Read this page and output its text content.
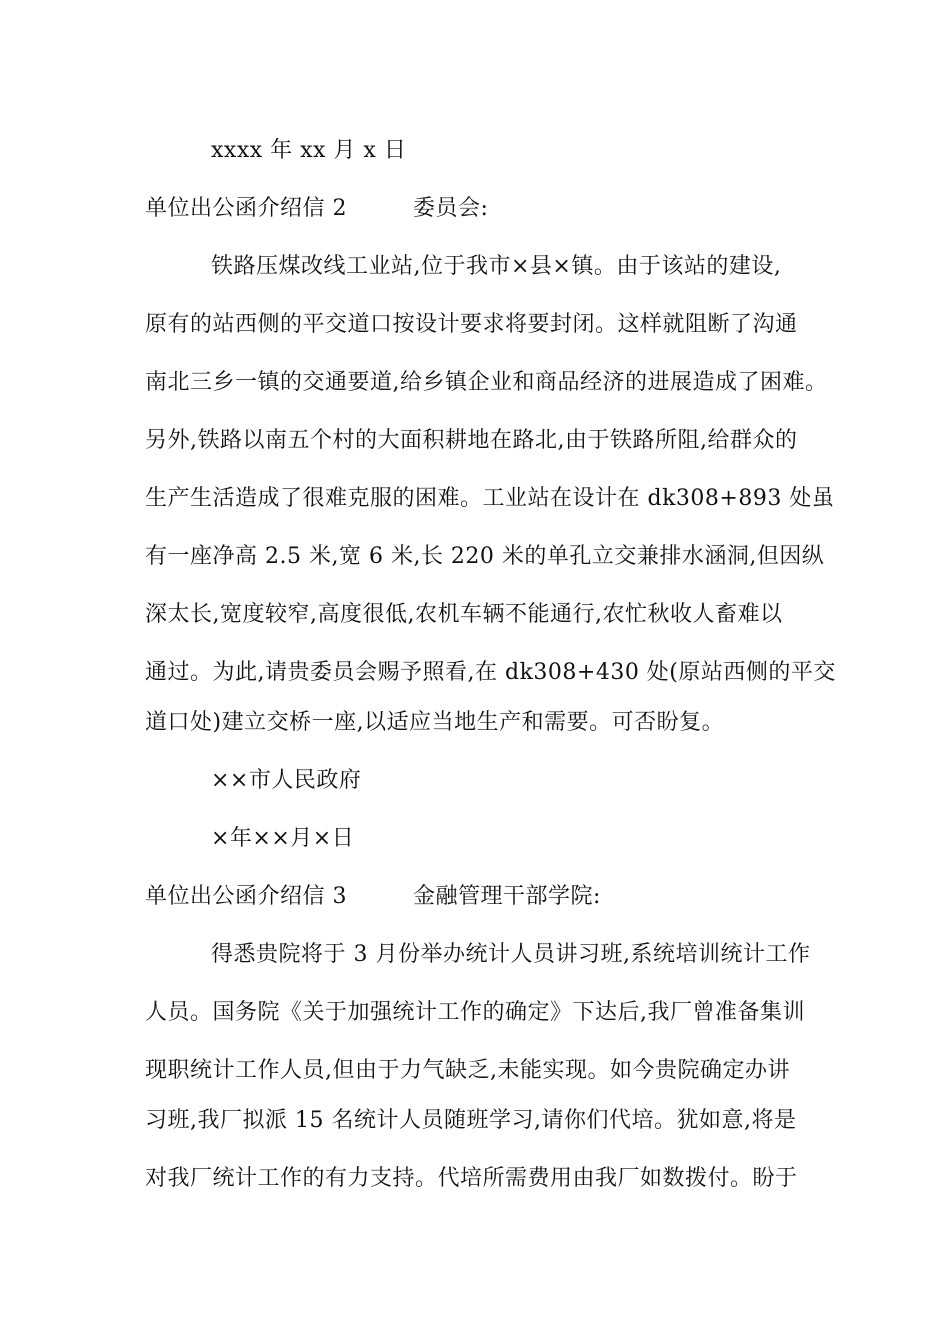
xxxx 年 xx 月 x 日
单位出公函介绍信 2	委员会:
铁路压煤改线工业站,位于我市×县×镇。由于该站的建设,
原有的站西侧的平交道口按设计要求将要封闭。这样就阻断了沟通
南北三乡一镇的交通要道,给乡镇企业和商品经济的进展造成了困难。
另外,铁路以南五个村的大面积耕地在路北,由于铁路所阻,给群众的
生产生活造成了很难克服的困难。工业站在设计在 dk308+893 处虽
有一座净高 2.5 米,宽 6 米,长 220 米的单孔立交兼排水涵洞,但因纵
深太长,宽度较窄,高度很低,农机车辆不能通行,农忙秋收人畜难以
通过。为此,请贵委员会赐予照看,在 dk308+430 处(原站西侧的平交
道口处)建立交桥一座,以适应当地生产和需要。可否盼复。
××市人民政府
×年××月×日
单位出公函介绍信 3	金融管理干部学院:
得悉贵院将于 3 月份举办统计人员讲习班,系统培训统计工作
人员。国务院《关于加强统计工作的确定》下达后,我厂曾准备集训
现职统计工作人员,但由于力气缺乏,未能实现。如今贵院确定办讲
习班,我厂拟派 15 名统计人员随班学习,请你们代培。犹如意,将是
对我厂统计工作的有力支持。代培所需费用由我厂如数拨付。盼于
